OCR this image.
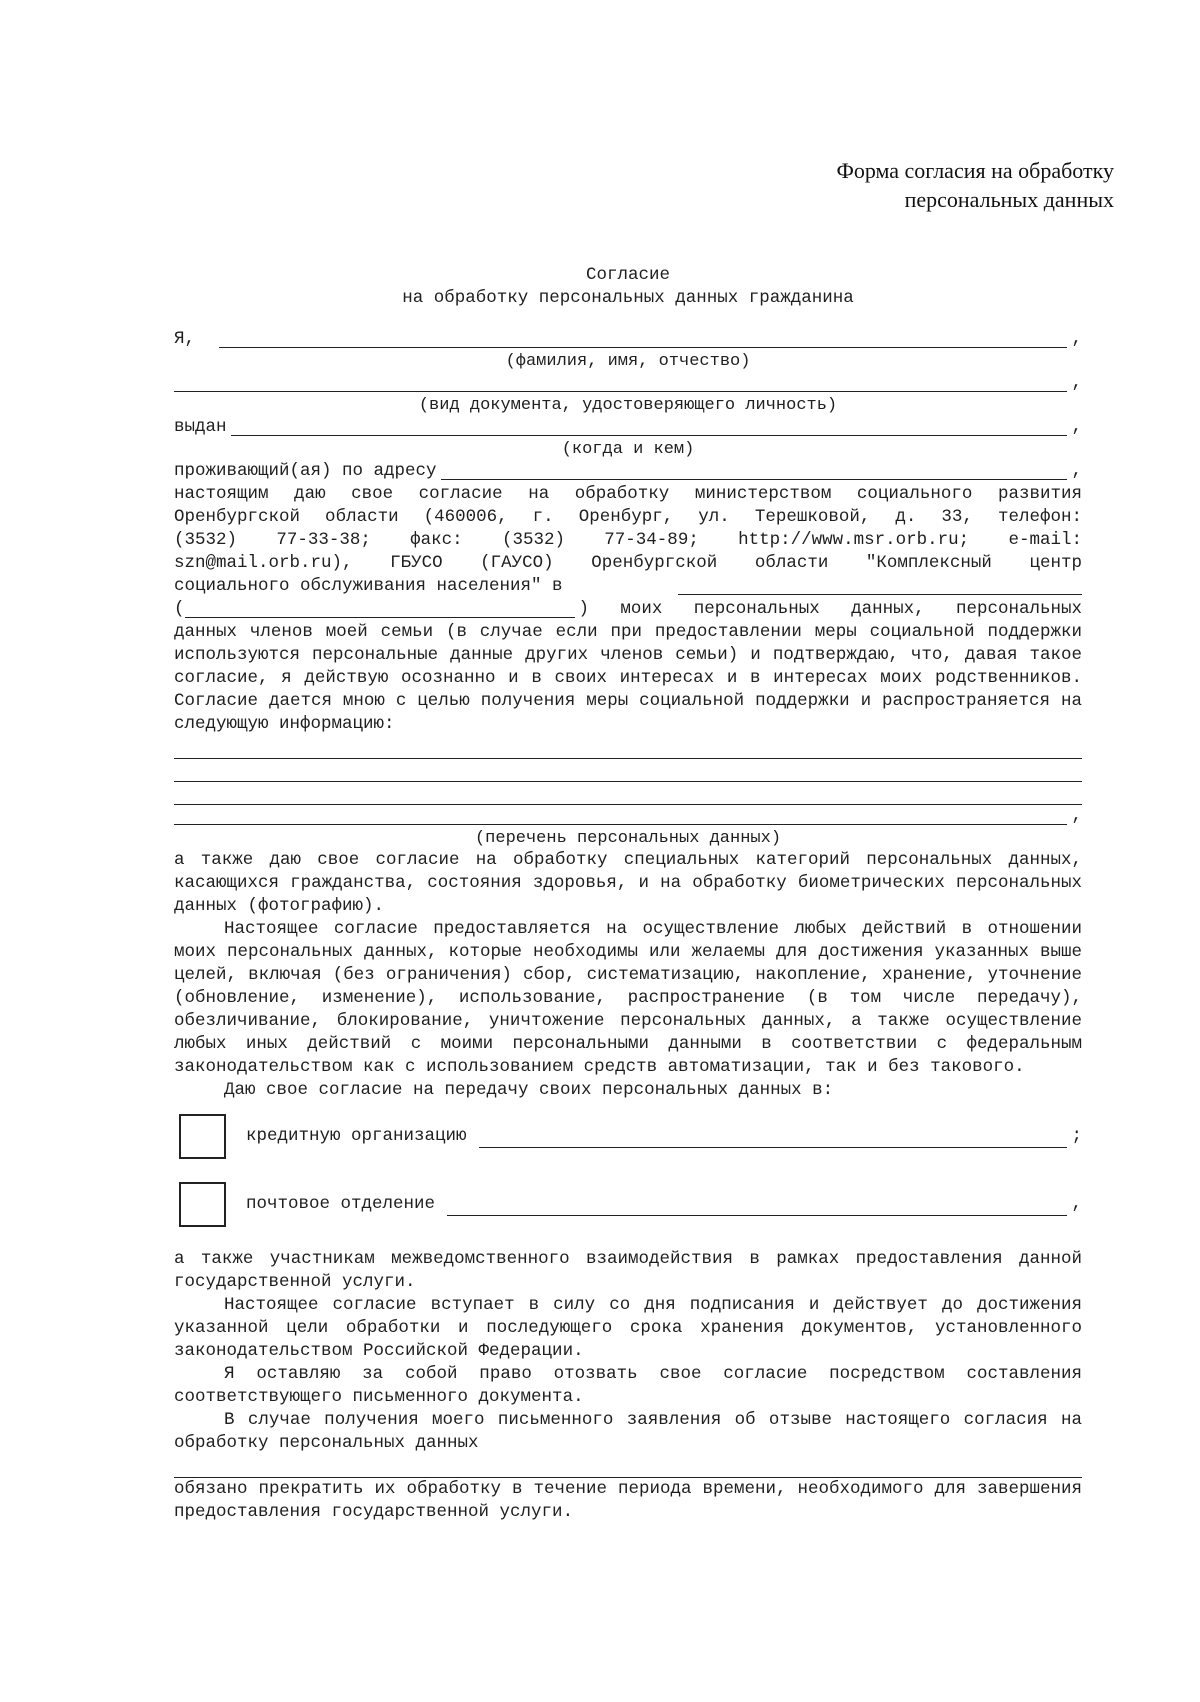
Форма согласия на обработку
персональных данных
Согласие
на обработку персональных данных гражданина
Я,	,
(фамилия, имя, отчество)
,
(вид документа, удостоверяющего личность)
выдан	,
(когда и кем)
проживающий(ая) по адресу	,
настоящим даю свое согласие на обработку министерством социального развития
Оренбургской области (460006, г. Оренбург, ул. Терешковой, д. 33, телефон:
(3532) 77-33-38; факс: (3532) 77-34-89; http://www.msr.orb.ru; e-mail:
szn@mail.orb.ru), ГБУСО (ГАУСО) Оренбургской области "Комплексный центр
социального обслуживания населения" в
(	) моих персональных данных, персональных
данных членов моей семьи (в случае если при предоставлении меры социальной поддержки используются персональные данные других членов семьи) и подтверждаю, что, давая такое согласие, я действую осознанно и в своих интересах и в интересах моих родственников. Согласие дается мною с целью получения меры социальной поддержки и распространяется на следующую информацию:
,
(перечень персональных данных)
а также даю свое согласие на обработку специальных категорий персональных данных, касающихся гражданства, состояния здоровья, и на обработку биометрических персональных данных (фотографию).
Настоящее согласие предоставляется на осуществление любых действий в отношении моих персональных данных, которые необходимы или желаемы для достижения указанных выше целей, включая (без ограничения) сбор, систематизацию, накопление, хранение, уточнение (обновление, изменение), использование, распространение (в том числе передачу), обезличивание, блокирование, уничтожение персональных данных, а также осуществление любых иных действий с моими персональными данными в соответствии с федеральным законодательством как с использованием средств автоматизации, так и без такового.
Даю свое согласие на передачу своих персональных данных в:
кредитную организацию	;
почтовое отделение	,
а также участникам межведомственного взаимодействия в рамках предоставления данной государственной услуги.
Настоящее согласие вступает в силу со дня подписания и действует до достижения указанной цели обработки и последующего срока хранения документов, установленного законодательством Российской Федерации.
Я оставляю за собой право отозвать свое согласие посредством составления соответствующего письменного документа.
В случае получения моего письменного заявления об отзыве настоящего согласия на обработку персональных данных
обязано прекратить их обработку в течение периода времени, необходимого для завершения предоставления государственной услуги.
